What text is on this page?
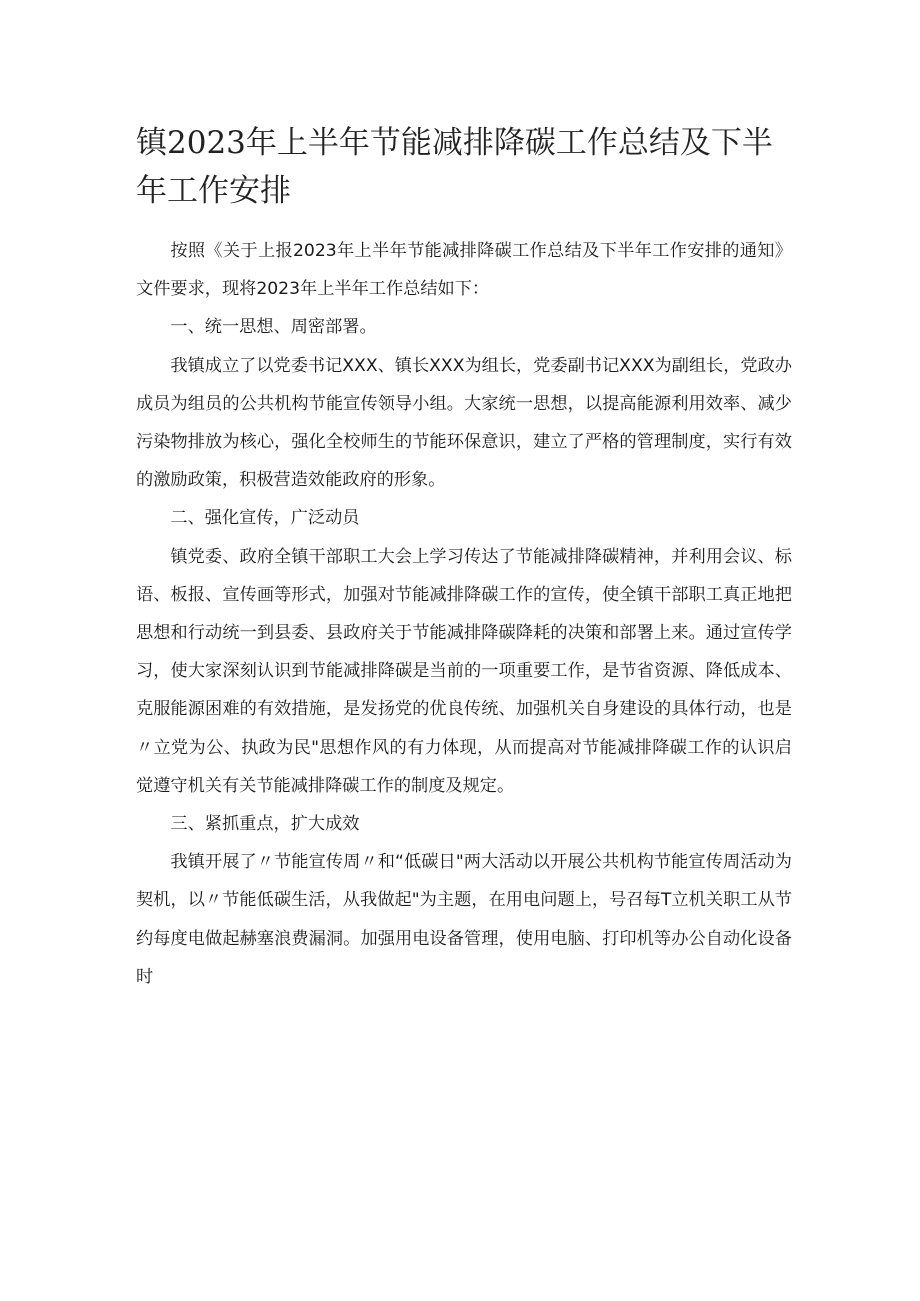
镇2023年上半年节能减排降碳工作总结及下半年工作安排

按照《关于上报2023年上半年节能减排降碳工作总结及下半年工作安排的通知》文件要求，现将2023年上半年工作总结如下：

一、统一思想、周密部署。

我镇成立了以党委书记XXX、镇长XXX为组长，党委副书记XXX为副组长，党政办成员为组员的公共机构节能宣传领导小组。大家统一思想，以提高能源利用效率、减少污染物排放为核心，强化全校师生的节能环保意识，建立了严格的管理制度，实行有效的激励政策，积极营造效能政府的形象。

二、强化宣传，广泛动员

镇党委、政府全镇干部职工大会上学习传达了节能减排降碳精神，并利用会议、标语、板报、宣传画等形式，加强对节能减排降碳工作的宣传，使全镇干部职工真正地把思想和行动统一到县委、县政府关于节能减排降碳降耗的决策和部署上来。通过宣传学习，使大家深刻认识到节能减排降碳是当前的一项重要工作，是节省资源、降低成本、克服能源困难的有效措施，是发扬党的优良传统、加强机关自身建设的具体行动，也是〃立党为公、执政为民"思想作风的有力体现，从而提高对节能减排降碳工作的认识启觉遵守机关有关节能减排降碳工作的制度及规定。

三、紧抓重点，扩大成效

我镇开展了〃节能宣传周〃和“低碳日"两大活动以开展公共机构节能宣传周活动为契机，以〃节能低碳生活，从我做起"为主题，在用电问题上，号召每T立机关职工从节约每度电做起赫塞浪费漏洞。加强用电设备管理，使用电脑、打印机等办公自动化设备时
